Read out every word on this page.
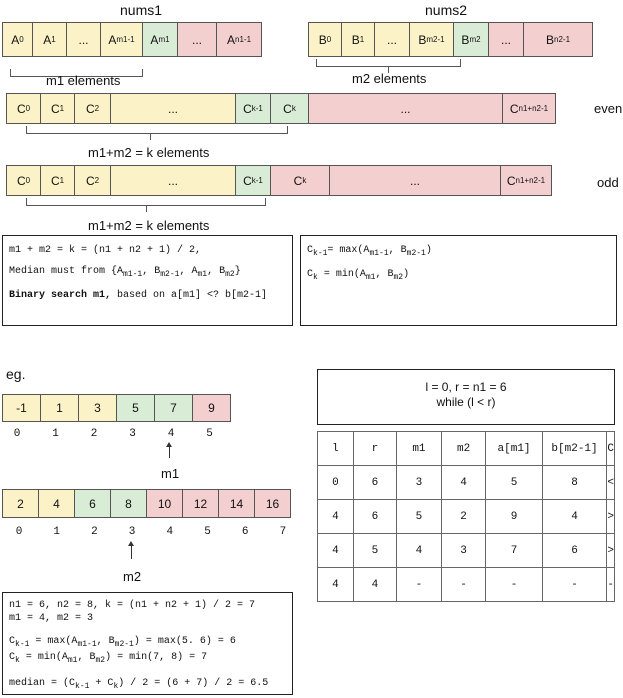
nums1	nums2
A 0 A 1 ... A m1-1 A m1 ... A n1-1	B 0 B 1 ... B m2-1 B m2 ...	B n2-1
m1 elements	m2 elements
C 0 C 1 C 2	...	C k-1 C k	...	C n1+n2-1	even
m1+m2 = k elements
C 0 C 1 C 2	...	C k-1	C k	...	C n1+n2-1	odd
m1+m2 = k elements
m1 + m2 = k = (n1 + n2 + 1) / 2,
Median must from {$A_{m1-1}$, $B_{m2-1}$, $A_{m1}$, $B_{m2}$}
Binary search m1, based on a[m1] <? b[m2-1]
$C_{k-1}= \max(A_{m1-1}$, $B_{m2-1}$)
$C_k = \min(A_{m1}$, $B_{m2}$)
eg.
-1	1	3	5	7	9
0	1	2	3	4	5
m1
2	4	6	8	10	12	14	16
0	1	2	3	4	5	6	7
m2
l = 0, r = n1 = 6
while (l < r)
l	r	m1	m2	a[m1]	b[m2-1]	C
0	6	3	4	5	8	<
4	6	5	2	9	4	>
4	5	4	3	7	6	>
4	4	-	-	-	-	-
n1 = 6, n2 = 8, k = (n1 + n2 + 1) / 2 = 7
m1 = 4, m2 = 3
$C_{k-1} = \max(A_{m1-1}$, $B_{m2-1}) = \max(5$. 6) = 6
$C_k = \min(A_{m1}$, $B_{m2}) = \min(7$, 8) = 7
median = $(C_{k-1} + C_k) / 2 = (6 + 7) / 2 = 6.5$
